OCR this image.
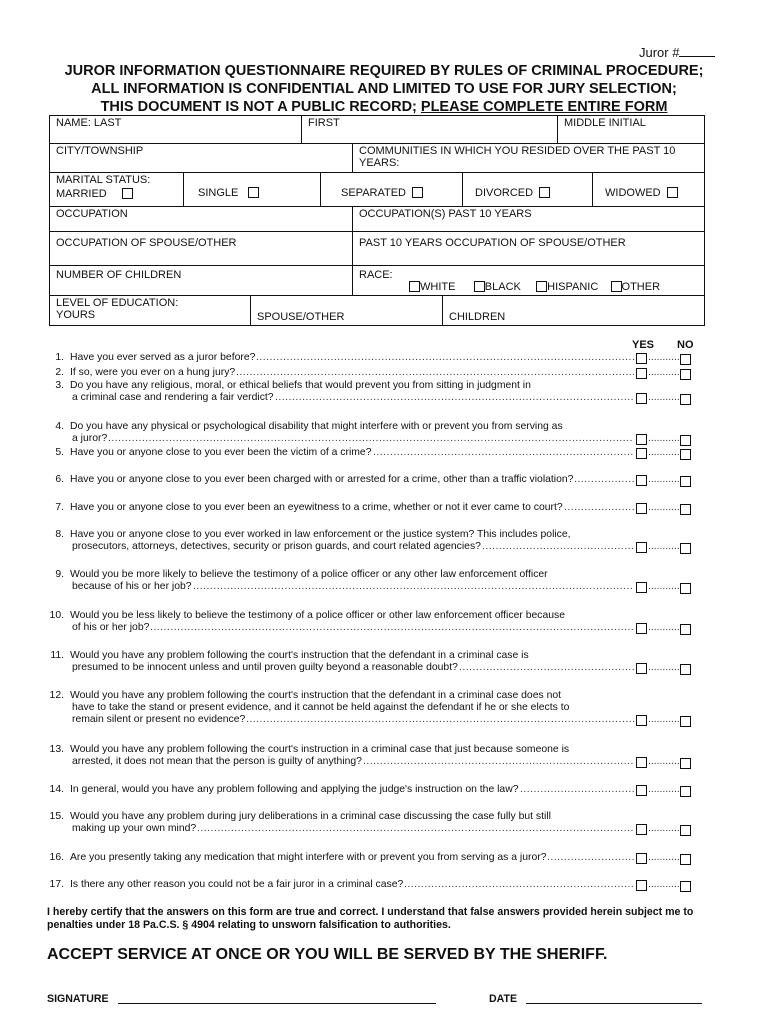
Juror #
JUROR INFORMATION QUESTIONNAIRE REQUIRED BY RULES OF CRIMINAL PROCEDURE;
ALL INFORMATION IS CONFIDENTIAL AND LIMITED TO USE FOR JURY SELECTION;
THIS DOCUMENT IS NOT A PUBLIC RECORD; PLEASE COMPLETE ENTIRE FORM
NAME: LAST	FIRST	MIDDLE INITIAL
CITY/TOWNSHIP	COMMUNITIES IN WHICH YOU RESIDED OVER THE PAST 10 YEARS:
MARITAL STATUS:
MARRIED	SINGLE	SEPARATED	DIVORCED	WIDOWED
OCCUPATION	OCCUPATION(S) PAST 10 YEARS
OCCUPATION OF SPOUSE/OTHER	PAST 10 YEARS OCCUPATION OF SPOUSE/OTHER
NUMBER OF CHILDREN	RACE:
WHITE	BLACK HISPANIC OTHER
LEVEL OF EDUCATION:
YOURS	SPOUSE/OTHER	CHILDREN
YES NO
1. Have you ever served as a juror before?
.....
.....
2. If so, were you ever on a hung jury?
.....
.....
3. Do you have any religious, moral, or ethical beliefs that would prevent you from sitting in judgment in
a criminal case and rendering a fair verdict?
.....
.....
4. Do you have any physical or psychological disability that might interfere with or prevent you from serving as
a juror?
.....
.....
5. Have you or anyone close to you ever been the victim of a crime?
.....
.....
6. Have you or anyone close to you ever been charged with or arrested for a crime, other than a traffic violation?
.....
.....
7. Have you or anyone close to you ever been an eyewitness to a crime, whether or not it ever came to court?
.....
.....
8. Have you or anyone close to you ever worked in law enforcement or the justice system? This includes police,
prosecutors, attorneys, detectives, security or prison guards, and court related agencies?
.....
.....
9. Would you be more likely to believe the testimony of a police officer or any other law enforcement officer
because of his or her job?
.....
.....
10. Would you be less likely to believe the testimony of a police officer or other law enforcement officer because
of his or her job?
.....
.....
11. Would you have any problem following the court's instruction that the defendant in a criminal case is
presumed to be innocent unless and until proven guilty beyond a reasonable doubt?
.....
.....
12. Would you have any problem following the court's instruction that the defendant in a criminal case does not
have to take the stand or present evidence, and it cannot be held against the defendant if he or she elects to
remain silent or present no evidence?
.....
.....
13. Would you have any problem following the court's instruction in a criminal case that just because someone is
arrested, it does not mean that the person is guilty of anything?
.....
.....
14. In general, would you have any problem following and applying the judge's instruction on the law?
.....
.....
15. Would you have any problem during jury deliberations in a criminal case discussing the case fully but still
making up your own mind?
.....
.....
16. Are you presently taking any medication that might interfere with or prevent you from serving as a juror?
.....
.....
17. Is there any other reason you could not be a fair juror in a criminal case?
.....
.....
I hereby certify that the answers on this form are true and correct. I understand that false answers provided herein subject me to penalties under 18 Pa.C.S. § 4904 relating to unsworn falsification to authorities.
ACCEPT SERVICE AT ONCE OR YOU WILL BE SERVED BY THE SHERIFF.
SIGNATURE	DATE
